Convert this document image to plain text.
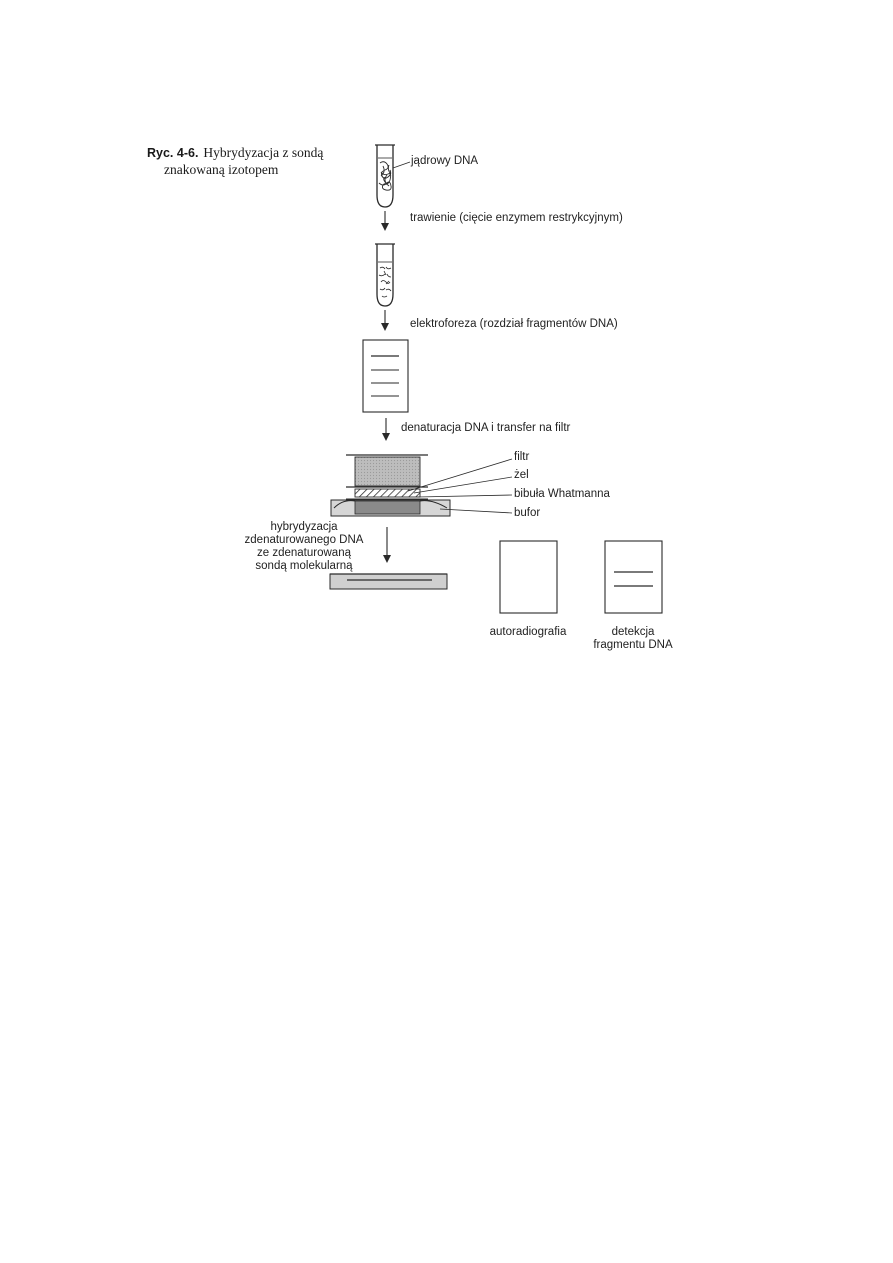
Ryc. 4-6. Hybrydyzacja z sondą
znakowaną izotopem
jądrowy DNA
trawienie (cięcie enzymem restrykcyjnym)
elektroforeza (rozdział fragmentów DNA)
denaturacja DNA i transfer na filtr
filtr
żel
bibuła Whatmanna
bufor
hybrydyzacja
zdenaturowanego DNA
ze zdenaturowaną
sondą molekularną
autoradiografia	detekcja
fragmentu DNA
